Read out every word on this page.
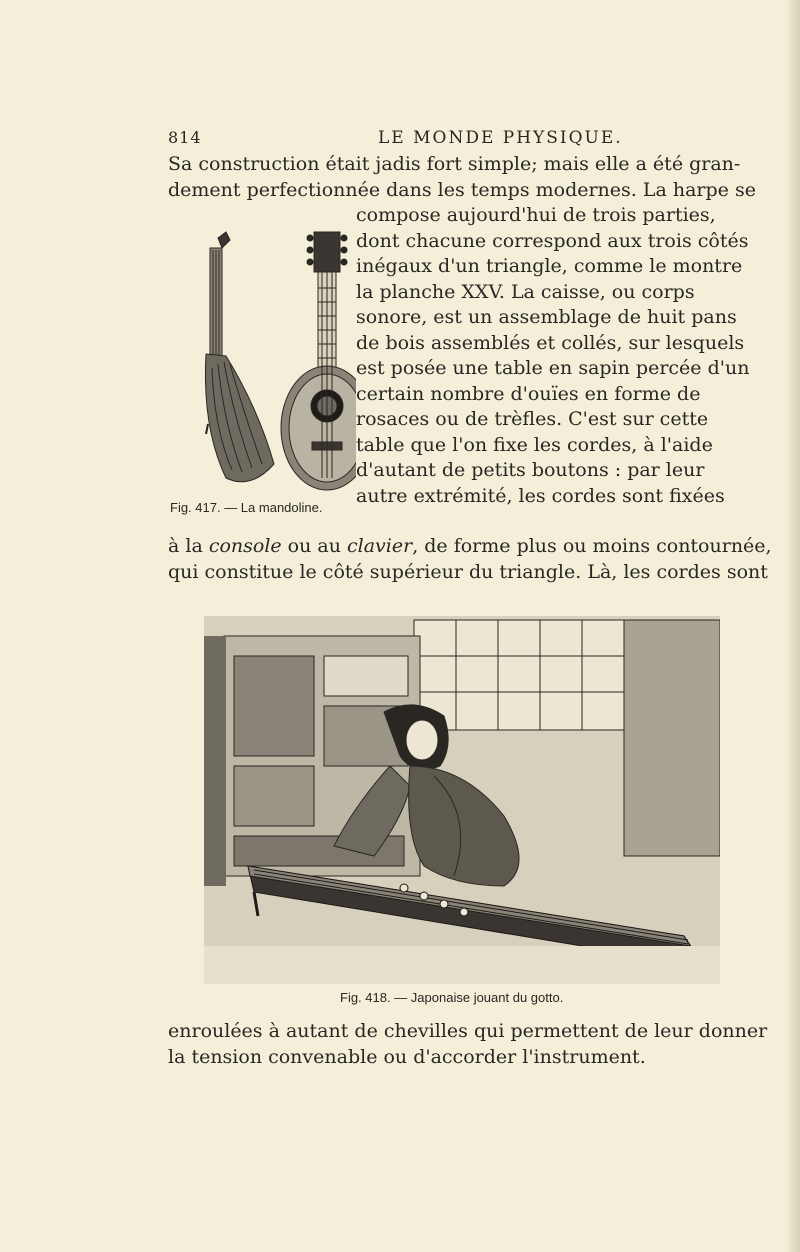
814	LE MONDE PHYSIQUE.

Sa construction était jadis fort simple; mais elle a été gran-
dement perfectionnée dans les temps modernes. La harpe se

compose aujourd'hui de trois parties,
dont chacune correspond aux trois côtés
inégaux d'un triangle, comme le montre
la planche XXV. La caisse, ou corps
sonore, est un assemblage de huit pans
de bois assemblés et collés, sur lesquels
est posée une table en sapin percée d'un
certain nombre d'ouïes en forme de
rosaces ou de trèfles. C'est sur cette
table que l'on fixe les cordes, à l'aide
d'autant de petits boutons : par leur
autre extrémité, les cordes sont fixées

à la console ou au clavier, de forme plus ou moins contournée,
qui constitue le côté supérieur du triangle. Là, les cordes sont

Fig. 417. — La mandoline.
Fig. 418. — Japonaise jouant du gotto.

enroulées à autant de chevilles qui permettent de leur donner
la tension convenable ou d'accorder l'instrument.
